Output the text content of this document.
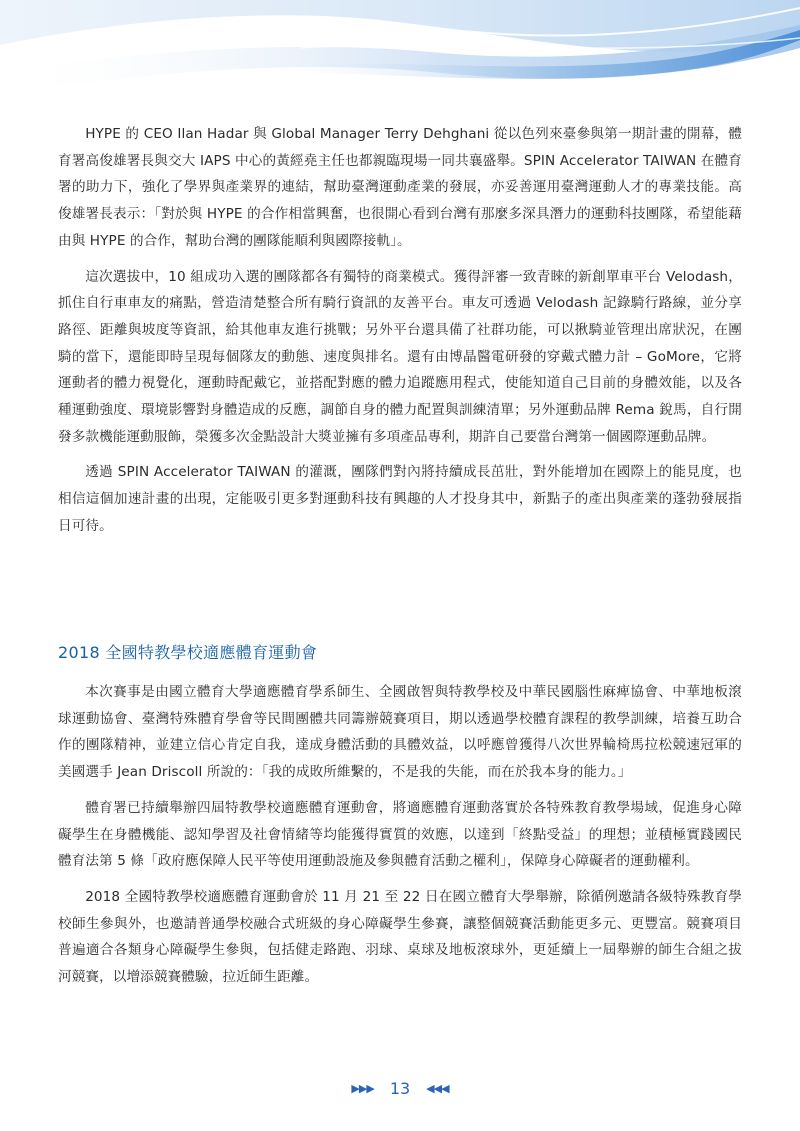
HYPE 的 CEO Ilan Hadar 與 Global Manager Terry Dehghani 從以色列來臺參與第一期計畫的開幕，體育署高俊雄署長與交大 IAPS 中心的黃經堯主任也都親臨現場一同共襄盛舉。SPIN Accelerator TAIWAN 在體育署的助力下，強化了學界與產業界的連結，幫助臺灣運動產業的發展，亦妥善運用臺灣運動人才的專業技能。高俊雄署長表示：「對於與 HYPE 的合作相當興奮，也很開心看到台灣有那麼多深具潛力的運動科技團隊，希望能藉由與 HYPE 的合作，幫助台灣的團隊能順利與國際接軌」。

這次選拔中，10 組成功入選的團隊都各有獨特的商業模式。獲得評審一致青睞的新創單車平台 Velodash，抓住自行車車友的痛點，營造清楚整合所有騎行資訊的友善平台。車友可透過 Velodash 記錄騎行路線，並分享路徑、距離與坡度等資訊，給其他車友進行挑戰；另外平台還具備了社群功能，可以揪騎並管理出席狀況，在團騎的當下，還能即時呈現每個隊友的動態、速度與排名。還有由博晶醫電研發的穿戴式體力計 – GoMore，它將運動者的體力視覺化，運動時配戴它，並搭配對應的體力追蹤應用程式，使能知道自己目前的身體效能，以及各種運動強度、環境影響對身體造成的反應，調節自身的體力配置與訓練清單；另外運動品牌 Rema 銳馬，自行開發多款機能運動服飾，榮獲多次金點設計大獎並擁有多項產品專利，期許自己要當台灣第一個國際運動品牌。

透過 SPIN Accelerator TAIWAN 的灌溉，團隊們對內將持續成長茁壯，對外能增加在國際上的能見度，也相信這個加速計畫的出現，定能吸引更多對運動科技有興趣的人才投身其中，新點子的產出與產業的蓬勃發展指日可待。

2018 全國特教學校適應體育運動會

本次賽事是由國立體育大學適應體育學系師生、全國啟智與特教學校及中華民國腦性麻痺協會、中華地板滾球運動協會、臺灣特殊體育學會等民間團體共同籌辦競賽項目，期以透過學校體育課程的教學訓練，培養互助合作的團隊精神，並建立信心肯定自我，達成身體活動的具體效益，以呼應曾獲得八次世界輪椅馬拉松競速冠軍的美國選手 Jean Driscoll 所說的：「我的成敗所維繫的，不是我的失能，而在於我本身的能力。」

體育署已持續舉辦四屆特教學校適應體育運動會，將適應體育運動落實於各特殊教育教學場域，促進身心障礙學生在身體機能、認知學習及社會情緒等均能獲得實質的效應，以達到「終點受益」的理想；並積極實踐國民體育法第 5 條「政府應保障人民平等使用運動設施及參與體育活動之權利」，保障身心障礙者的運動權利。

2018 全國特教學校適應體育運動會於 11 月 21 至 22 日在國立體育大學舉辦，除循例邀請各級特殊教育學校師生參與外，也邀請普通學校融合式班級的身心障礙學生參賽，讓整個競賽活動能更多元、更豐富。競賽項目普遍適合各類身心障礙學生參與，包括健走路跑、羽球、桌球及地板滾球外，更延續上一屆舉辦的師生合組之拔河競賽，以增添競賽體驗，拉近師生距離。

▶▶▶ 13 ◀◀◀
